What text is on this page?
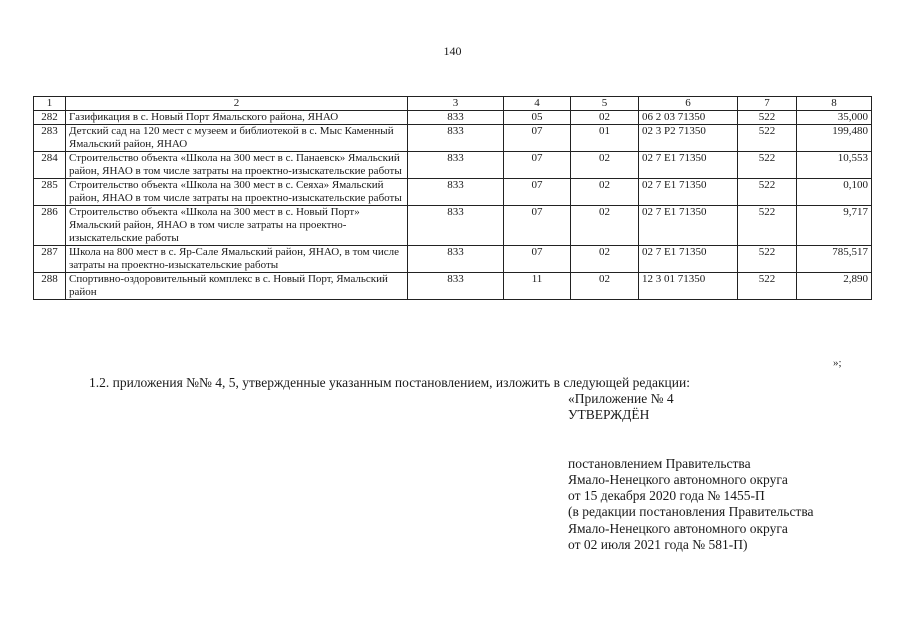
140
1	2	3	4	5	6	7	8
282	Газификация в с. Новый Порт Ямальского района, ЯНАО	833	05	02	06 2 03 71350	522	35,000
283	Детский сад на 120 мест с музеем и библиотекой в с. Мыс Каменный Ямальский район, ЯНАО	833	07	01	02 3 P2 71350	522	199,480
284	Строительство объекта «Школа на 300 мест в с. Панаевск» Ямальский район, ЯНАО в том числе затраты на проектно-изыскательские работы	833	07	02	02 7 E1 71350	522	10,553
285	Строительство объекта «Школа на 300 мест в с. Сеяха» Ямальский район, ЯНАО в том числе затраты на проектно-изыскательские работы	833	07	02	02 7 E1 71350	522	0,100
286	Строительство объекта «Школа на 300 мест в с. Новый Порт» Ямальский район, ЯНАО в том числе затраты на проектно-изыскательские работы	833	07	02	02 7 E1 71350	522	9,717
287	Школа на 800 мест в с. Яр-Сале Ямальский район, ЯНАО, в том числе затраты на проектно-изыскательские работы	833	07	02	02 7 E1 71350	522	785,517
288	Спортивно-оздоровительный комплекс в с. Новый Порт, Ямальский район	833	11	02	12 3 01 71350	522	2,890
»;
1.2. приложения №№ 4, 5, утвержденные указанным постановлением, изложить в следующей редакции:
«Приложение № 4
УТВЕРЖДЁН
постановлением Правительства
Ямало-Ненецкого автономного округа
от 15 декабря 2020 года № 1455-П
(в редакции постановления Правительства
Ямало-Ненецкого автономного округа
от 02 июля 2021 года № 581-П)
